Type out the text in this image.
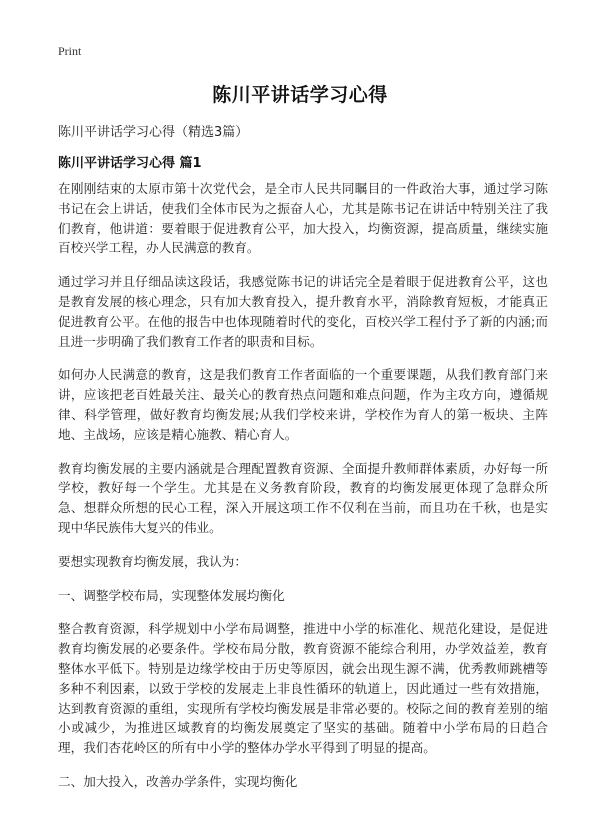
Print
陈川平讲话学习心得
陈川平讲话学习心得（精选3篇）
陈川平讲话学习心得 篇1

在刚刚结束的太原市第十次党代会，是全市人民共同瞩目的一件政治大事，通过学习陈书记在会上讲话，使我们全体市民为之振奋人心，尤其是陈书记在讲话中特别关注了我们教育，他讲道：要着眼于促进教育公平，加大投入，均衡资源，提高质量，继续实施百校兴学工程，办人民满意的教育。

通过学习并且仔细品读这段话，我感觉陈书记的讲话完全是着眼于促进教育公平，这也是教育发展的核心理念，只有加大教育投入，提升教育水平，消除教育短板，才能真正促进教育公平。在他的报告中也体现随着时代的变化，百校兴学工程付予了新的内涵;而且进一步明确了我们教育工作者的职责和目标。

如何办人民满意的教育，这是我们教育工作者面临的一个重要课题，从我们教育部门来讲，应该把老百姓最关注、最关心的教育热点问题和难点问题，作为主攻方向，遵循规律、科学管理，做好教育均衡发展;从我们学校来讲，学校作为育人的第一板块、主阵地、主战场，应该是精心施教、精心育人。

教育均衡发展的主要内涵就是合理配置教育资源、全面提升教师群体素质，办好每一所学校，教好每一个学生。尤其是在义务教育阶段，教育的均衡发展更体现了急群众所急、想群众所想的民心工程，深入开展这项工作不仅利在当前，而且功在千秋，也是实现中华民族伟大复兴的伟业。

要想实现教育均衡发展，我认为：

一、调整学校布局，实现整体发展均衡化

整合教育资源，科学规划中小学布局调整，推进中小学的标准化、规范化建设，是促进教育均衡发展的必要条件。学校布局分散，教育资源不能综合利用，办学效益差，教育整体水平低下。特别是边缘学校由于历史等原因，就会出现生源不满，优秀教师跳槽等多种不利因素，以致于学校的发展走上非良性循环的轨道上，因此通过一些有效措施，达到教育资源的重组，实现所有学校均衡发展是非常必要的。校际之间的教育差别的缩小或减少，为推进区域教育的均衡发展奠定了坚实的基础。随着中小学布局的日趋合理，我们杏花岭区的所有中小学的整体办学水平得到了明显的提高。

二、加大投入，改善办学条件，实现均衡化
